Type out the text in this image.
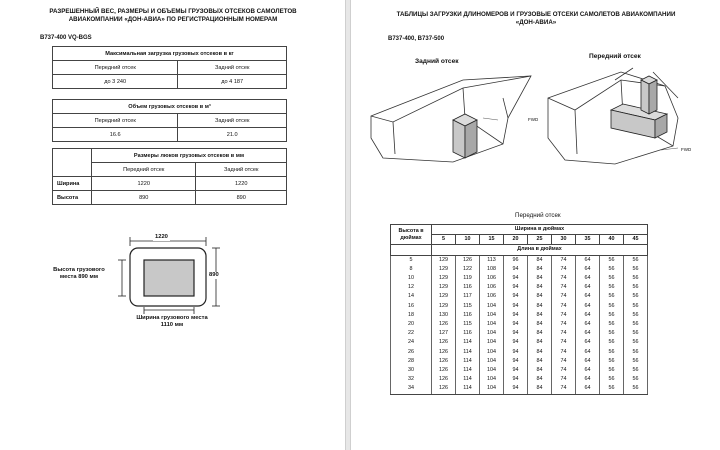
РАЗРЕШЕННЫЙ ВЕС, РАЗМЕРЫ И ОБЪЕМЫ ГРУЗОВЫХ ОТСЕКОВ САМОЛЕТОВ АВИАКОМПАНИИ «ДОН-АВИА» ПО РЕГИСТРАЦИОННЫМ НОМЕРАМ
B737-400 VQ-BGS
Максимальная загрузка грузовых отсеков в кг	
Передний отсек	Задний отсек
до 3 240	до 4 187
Объем грузовых отсеков в м³	
Передний отсек	Задний отсек
16.6	21.0
	Размеры люков грузовых отсеков в мм	
	Передний отсек	Задний отсек
Ширина	1220	1220
Высота	890	890
1220
890
Высота грузового места 890 мм
Ширина грузового места 1110 мм
ТАБЛИЦЫ ЗАГРУЗКИ ДЛИНОМЕРОВ И ГРУЗОВЫЕ ОТСЕКИ САМОЛЕТОВ АВИАКОМПАНИИ «ДОН-АВИА»
B737-400, B737-500
Задний отсек
Передний отсек
FWD
FWD
Передний отсек
Высота в дюймах	Ширина в дюймах								
	5	10	15	20	25	30	35	40	45
	Длина в дюймах								
5	129	126	113	96	84	74	64	56	56
8	129	122	108	94	84	74	64	56	56
10	129	119	106	94	84	74	64	56	56
12	129	116	106	94	84	74	64	56	56
14	129	117	106	94	84	74	64	56	56
16	129	115	104	94	84	74	64	56	56
18	130	116	104	94	84	74	64	56	56
20	126	115	104	94	84	74	64	56	56
22	127	116	104	94	84	74	64	56	56
24	126	114	104	94	84	74	64	56	56
26	126	114	104	94	84	74	64	56	56
28	126	114	104	94	84	74	64	56	56
30	126	114	104	94	84	74	64	56	56
32	126	114	104	94	84	74	64	56	56
34	126	114	104	94	84	74	64	56	56
